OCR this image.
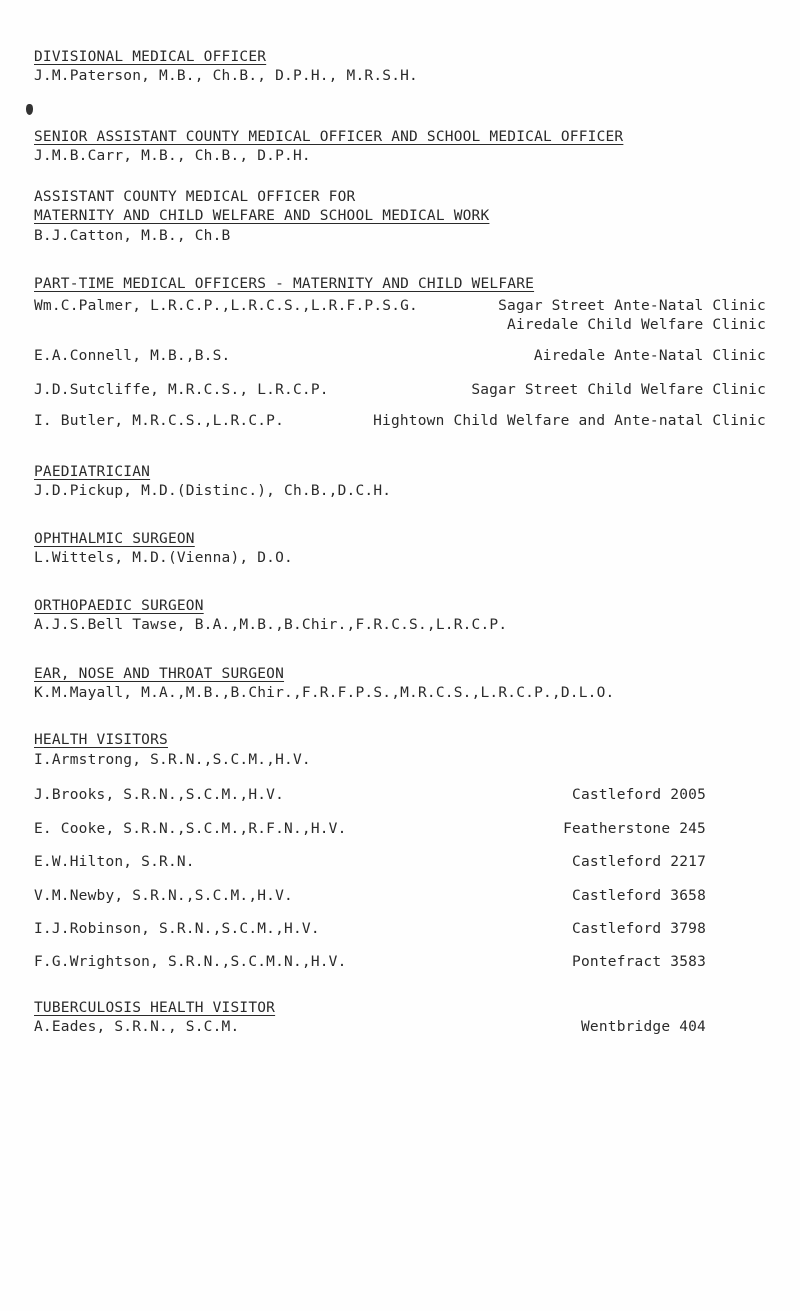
DIVISIONAL MEDICAL OFFICER
J.M.Paterson, M.B., Ch.B., D.P.H., M.R.S.H.
SENIOR ASSISTANT COUNTY MEDICAL OFFICER AND SCHOOL MEDICAL OFFICER
J.M.B.Carr, M.B., Ch.B., D.P.H.
ASSISTANT COUNTY MEDICAL OFFICER FOR
MATERNITY AND CHILD WELFARE AND SCHOOL MEDICAL WORK
B.J.Catton, M.B., Ch.B
PART-TIME MEDICAL OFFICERS - MATERNITY AND CHILD WELFARE
Wm.C.Palmer, L.R.C.P.,L.R.C.S.,L.R.F.P.S.G.	Sagar Street Ante-Natal Clinic
Airedale Child Welfare Clinic
E.A.Connell, M.B.,B.S.	Airedale Ante-Natal Clinic
J.D.Sutcliffe, M.R.C.S., L.R.C.P.	Sagar Street Child Welfare Clinic
I. Butler, M.R.C.S.,L.R.C.P.	Hightown Child Welfare and Ante-natal Clinic
PAEDIATRICIAN
J.D.Pickup, M.D.(Distinc.), Ch.B.,D.C.H.
OPHTHALMIC SURGEON
L.Wittels, M.D.(Vienna), D.O.
ORTHOPAEDIC SURGEON
A.J.S.Bell Tawse, B.A.,M.B.,B.Chir.,F.R.C.S.,L.R.C.P.
EAR, NOSE AND THROAT SURGEON
K.M.Mayall, M.A.,M.B.,B.Chir.,F.R.F.P.S.,M.R.C.S.,L.R.C.P.,D.L.O.
HEALTH VISITORS
I.Armstrong, S.R.N.,S.C.M.,H.V.
J.Brooks, S.R.N.,S.C.M.,H.V.	Castleford 2005
E. Cooke, S.R.N.,S.C.M.,R.F.N.,H.V.	Featherstone 245
E.W.Hilton, S.R.N.	Castleford 2217
V.M.Newby, S.R.N.,S.C.M.,H.V.	Castleford 3658
I.J.Robinson, S.R.N.,S.C.M.,H.V.	Castleford 3798
F.G.Wrightson, S.R.N.,S.C.M.N.,H.V.	Pontefract 3583
TUBERCULOSIS HEALTH VISITOR
A.Eades, S.R.N., S.C.M.	Wentbridge 404
